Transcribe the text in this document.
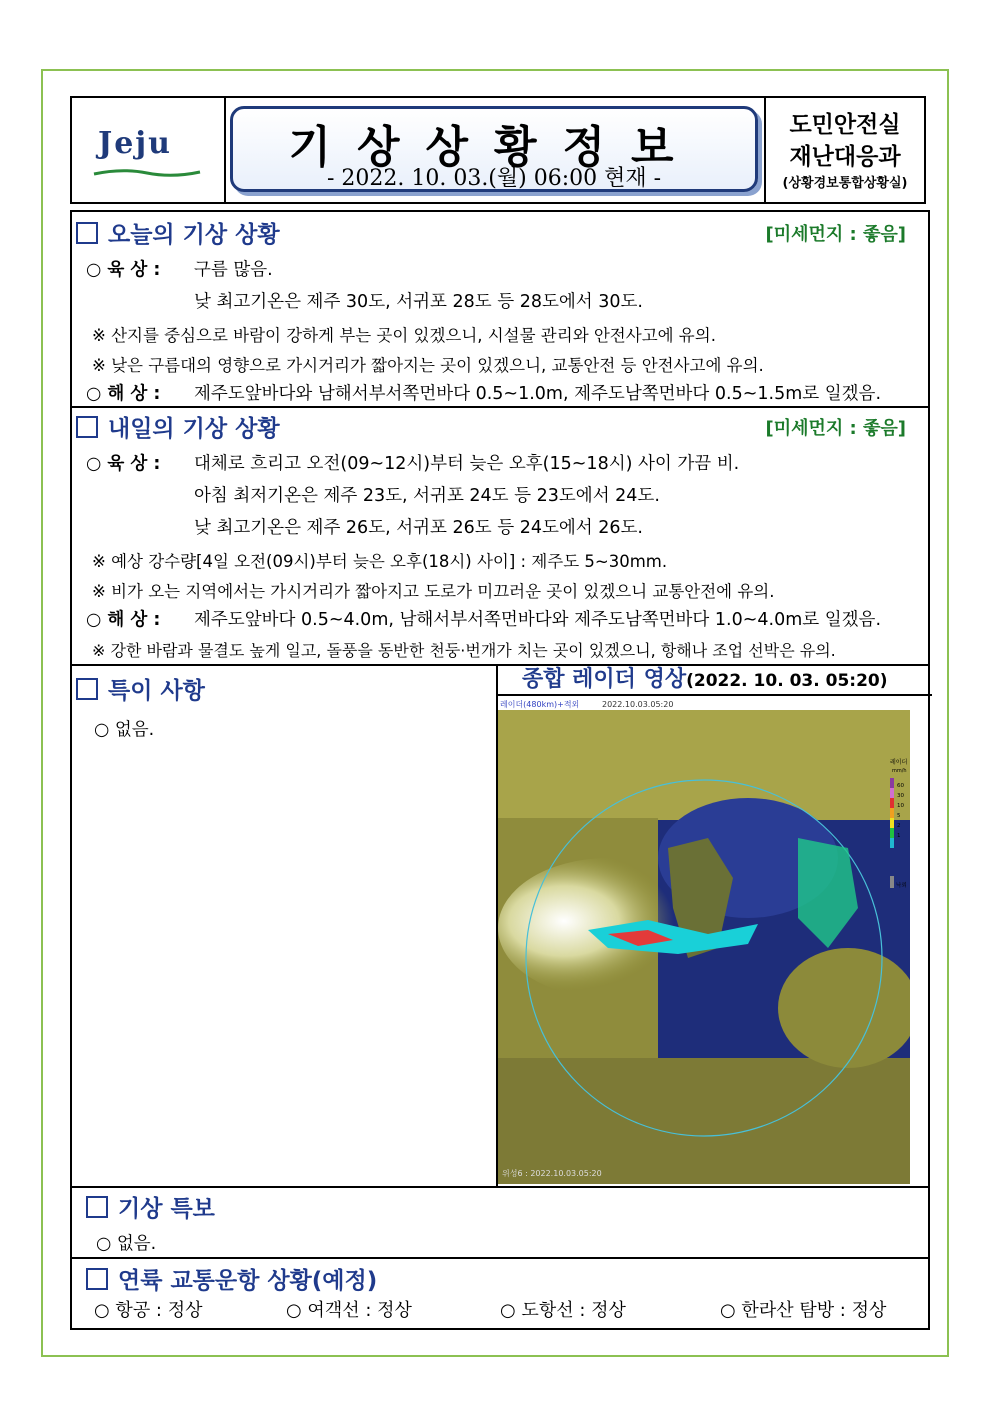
Jeju	기상상황정보
- 2022. 10. 03.(월) 06:00 현재 -
도민안전실
재난대응과
(상황경보통합상황실)
오늘의 기상 상황	[미세먼지 : 좋음]
○ 육 상 : 구름 많음.
낮 최고기온은 제주 30도, 서귀포 28도 등 28도에서 30도.
※ 산지를 중심으로 바람이 강하게 부는 곳이 있겠으니, 시설물 관리와 안전사고에 유의.
※ 낮은 구름대의 영향으로 가시거리가 짧아지는 곳이 있겠으니, 교통안전 등 안전사고에 유의.
○ 해 상 : 제주도앞바다와 남해서부서쪽먼바다 0.5~1.0m, 제주도남쪽먼바다 0.5~1.5m로 일겠음.
내일의 기상 상황	[미세먼지 : 좋음]
○ 육 상 : 대체로 흐리고 오전(09~12시)부터 늦은 오후(15~18시) 사이 가끔 비.
아침 최저기온은 제주 23도, 서귀포 24도 등 23도에서 24도.
낮 최고기온은 제주 26도, 서귀포 26도 등 24도에서 26도.
※ 예상 강수량[4일 오전(09시)부터 늦은 오후(18시) 사이] : 제주도 5~30mm.
※ 비가 오는 지역에서는 가시거리가 짧아지고 도로가 미끄러운 곳이 있겠으니 교통안전에 유의.
○ 해 상 : 제주도앞바다 0.5~4.0m, 남해서부서쪽먼바다와 제주도남쪽먼바다 1.0~4.0m로 일겠음.
※ 강한 바람과 물결도 높게 일고, 돌풍을 동반한 천둥·번개가 치는 곳이 있겠으니, 항해나 조업 선박은 유의.
특이 사항
○ 없음.
종합 레이더 영상(2022. 10. 03. 05:20)
레이더(480km)+적외	2022.10.03.05:20
위성6 : 2022.10.03.05:20
레이더
mm/h
60
30
10
5
2
1
낙뢰
기상 특보
○ 없음.
연륙 교통운항 상황(예정)
○ 항공 : 정상	○ 여객선 : 정상	○ 도항선 : 정상	○ 한라산 탐방 : 정상
